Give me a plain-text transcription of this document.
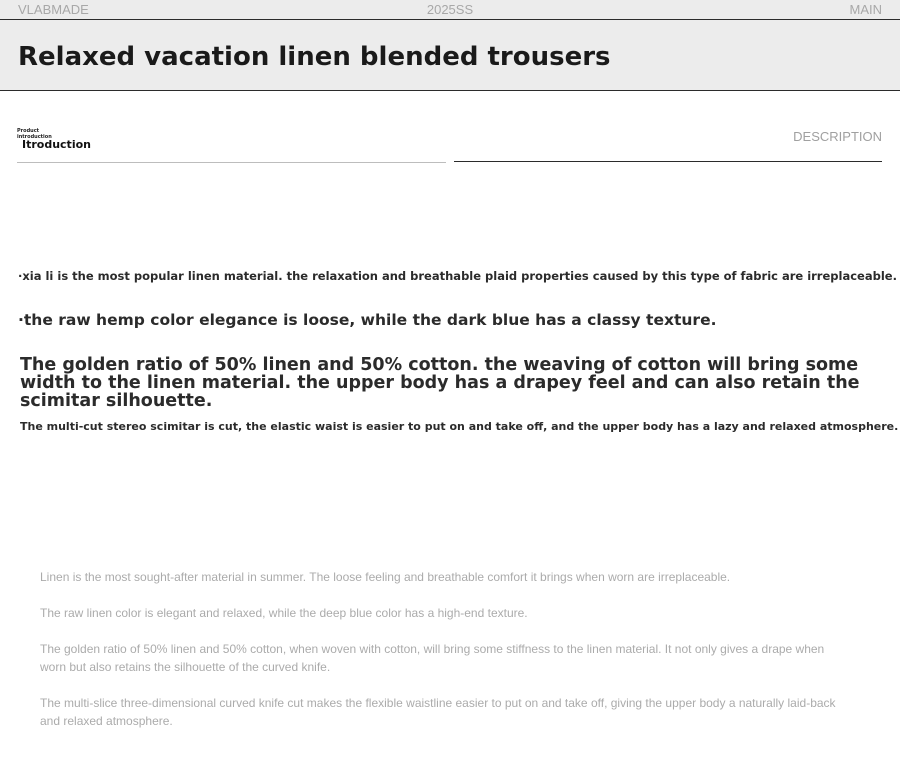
VLABMADE	2025SS	MAIN
Relaxed vacation linen blended trousers
Product
introduction
Itroduction
DESCRIPTION

·xia li is the most popular linen material. the relaxation and breathable plaid properties caused by this type of fabric are irreplaceable.

·the raw hemp color elegance is loose, while the dark blue has a classy texture.

The golden ratio of 50% linen and 50% cotton. the weaving of cotton will bring some width to the linen material. the upper body has a drapey feel and can also retain the scimitar silhouette.

The multi-cut stereo scimitar is cut, the elastic waist is easier to put on and take off, and the upper body has a lazy and relaxed atmosphere.

Linen is the most sought-after material in summer. The loose feeling and breathable comfort it brings when worn are irreplaceable.

The raw linen color is elegant and relaxed, while the deep blue color has a high-end texture.

The golden ratio of 50% linen and 50% cotton, when woven with cotton, will bring some stiffness to the linen material. It not only gives a drape when worn but also retains the silhouette of the curved knife.

The multi-slice three-dimensional curved knife cut makes the flexible waistline easier to put on and take off, giving the upper body a naturally laid-back and relaxed atmosphere.
